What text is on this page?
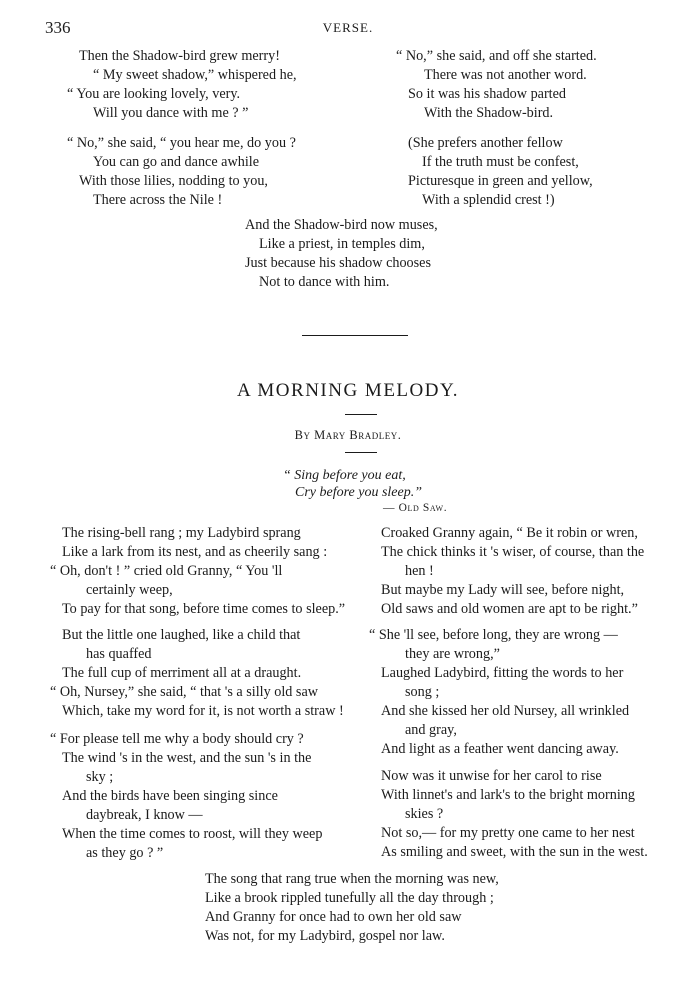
336	VERSE.
Then the Shadow-bird grew merry!
“ My sweet shadow,” whispered he,
“ You are looking lovely, very.
Will you dance with me ? ”
“ No,” she said, “ you hear me, do you ?
You can go and dance awhile
With those lilies, nodding to you,
There across the Nile !
“ No,” she said, and off she started.
There was not another word.
So it was his shadow parted
With the Shadow-bird.
(She prefers another fellow
If the truth must be confest,
Picturesque in green and yellow,
With a splendid crest !)
And the Shadow-bird now muses,
Like a priest, in temples dim,
Just because his shadow chooses
Not to dance with him.
A MORNING MELODY.
By Mary Bradley.
“ Sing before you eat,
Cry before you sleep.”
— Old Saw.
The rising-bell rang ; my Ladybird sprang
Like a lark from its nest, and as cheerily sang :
“ Oh, don't ! ” cried old Granny, “ You 'll
certainly weep,
To pay for that song, before time comes to sleep.”
But the little one laughed, like a child that
has quaffed
The full cup of merriment all at a draught.
“ Oh, Nursey,” she said, “ that 's a silly old saw
Which, take my word for it, is not worth a straw !
“ For please tell me why a body should cry ?
The wind 's in the west, and the sun 's in the
sky ;
And the birds have been singing since
daybreak, I know —
When the time comes to roost, will they weep
as they go ? ”
Croaked Granny again, “ Be it robin or wren,
The chick thinks it 's wiser, of course, than the
hen !
But maybe my Lady will see, before night,
Old saws and old women are apt to be right.”
“ She 'll see, before long, they are wrong —
they are wrong,”
Laughed Ladybird, fitting the words to her
song ;
And she kissed her old Nursey, all wrinkled
and gray,
And light as a feather went dancing away.
Now was it unwise for her carol to rise
With linnet's and lark's to the bright morning
skies ?
Not so,— for my pretty one came to her nest
As smiling and sweet, with the sun in the west.
The song that rang true when the morning was new,
Like a brook rippled tunefully all the day through ;
And Granny for once had to own her old saw
Was not, for my Ladybird, gospel nor law.
